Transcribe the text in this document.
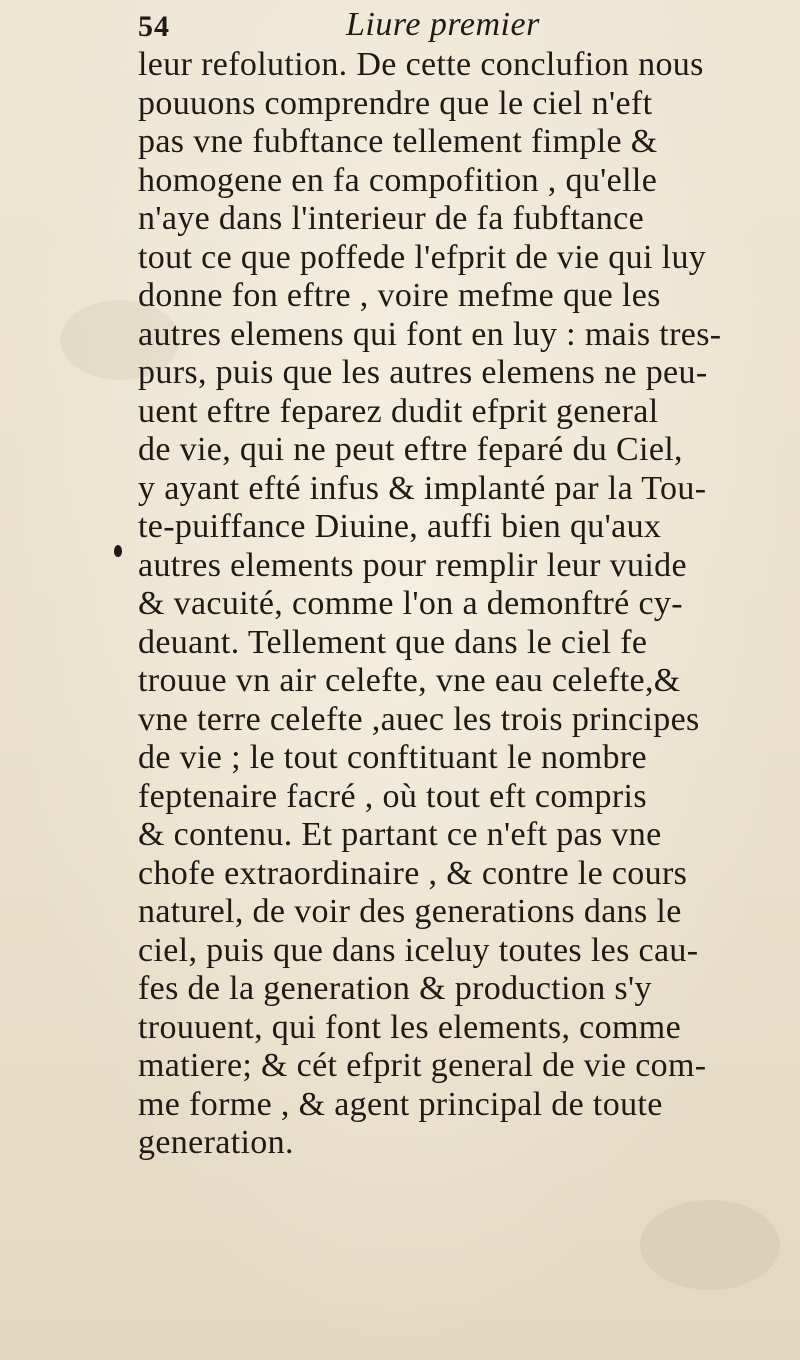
54	Liure premier
leur refolution. De cette conclufion nous
pouuons comprendre que le ciel n'eft
pas vne fubftance tellement fimple &
homogene en fa compofition , qu'elle
n'aye dans l'interieur de fa fubftance
tout ce que poffede l'efprit de vie qui luy
donne fon eftre , voire mefme que les
autres elemens qui font en luy : mais tres-
purs, puis que les autres elemens ne peu-
uent eftre feparez dudit efprit general
de vie, qui ne peut eftre feparé du Ciel,
y ayant efté infus & implanté par la Tou-
te-puiffance Diuine, auffi bien qu'aux
autres elements pour remplir leur vuide
& vacuité, comme l'on a demonftré cy-
deuant. Tellement que dans le ciel fe
trouue vn air celefte, vne eau celefte,&
vne terre celefte ,auec les trois principes
de vie ; le tout conftituant le nombre
feptenaire facré , où tout eft compris
& contenu. Et partant ce n'eft pas vne
chofe extraordinaire , & contre le cours
naturel, de voir des generations dans le
ciel, puis que dans iceluy toutes les cau-
fes de la generation & production s'y
trouuent, qui font les elements, comme
matiere; & cét efprit general de vie com-
me forme , & agent principal de toute
generation.
